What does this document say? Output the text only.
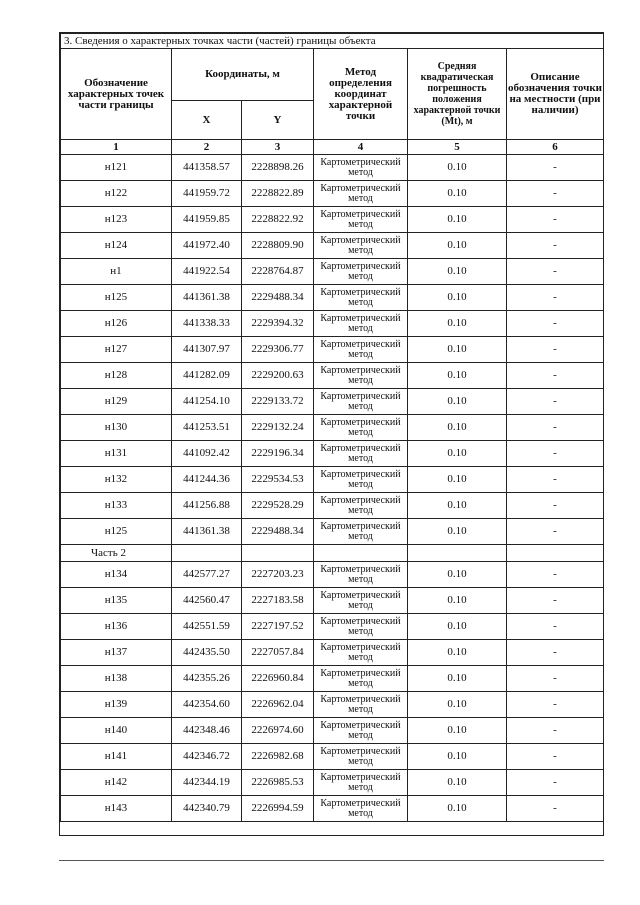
3. Сведения о характерных точках части (частей) границы объекта					
Обозначение характерных точек части границы	Координаты, м		Метод определения координат характерной точки	Средняя квадратическая погрешность положения характерной точки (Mt), м	Описание обозначения точки на местности (при наличии)
	X	Y			
1	2	3	4	5	6
н121	441358.57	2228898.26	Картометрический метод	0.10	-
н122	441959.72	2228822.89	Картометрический метод	0.10	-
н123	441959.85	2228822.92	Картометрический метод	0.10	-
н124	441972.40	2228809.90	Картометрический метод	0.10	-
н1	441922.54	2228764.87	Картометрический метод	0.10	-
н125	441361.38	2229488.34	Картометрический метод	0.10	-
н126	441338.33	2229394.32	Картометрический метод	0.10	-
н127	441307.97	2229306.77	Картометрический метод	0.10	-
н128	441282.09	2229200.63	Картометрический метод	0.10	-
н129	441254.10	2229133.72	Картометрический метод	0.10	-
н130	441253.51	2229132.24	Картометрический метод	0.10	-
н131	441092.42	2229196.34	Картометрический метод	0.10	-
н132	441244.36	2229534.53	Картометрический метод	0.10	-
н133	441256.88	2229528.29	Картометрический метод	0.10	-
н125	441361.38	2229488.34	Картометрический метод	0.10	-
Часть 2					
н134	442577.27	2227203.23	Картометрический метод	0.10	-
н135	442560.47	2227183.58	Картометрический метод	0.10	-
н136	442551.59	2227197.52	Картометрический метод	0.10	-
н137	442435.50	2227057.84	Картометрический метод	0.10	-
н138	442355.26	2226960.84	Картометрический метод	0.10	-
н139	442354.60	2226962.04	Картометрический метод	0.10	-
н140	442348.46	2226974.60	Картометрический метод	0.10	-
н141	442346.72	2226982.68	Картометрический метод	0.10	-
н142	442344.19	2226985.53	Картометрический метод	0.10	-
н143	442340.79	2226994.59	Картометрический метод	0.10	-
